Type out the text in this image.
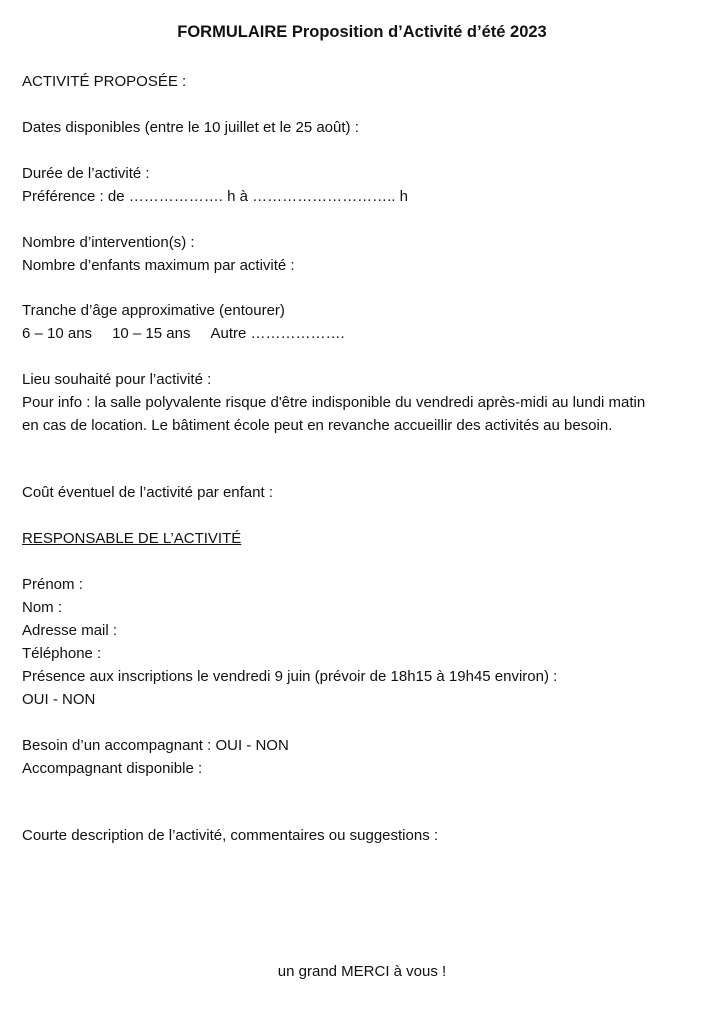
FORMULAIRE Proposition d’Activité d’été 2023
ACTIVITÉ PROPOSÉE :
Dates disponibles (entre le 10 juillet et le 25 août) :
Durée de l’activité :
Préférence : de ………………. h à ……………………….. h
Nombre d’intervention(s) :
Nombre d’enfants maximum par activité :
Tranche d’âge approximative (entourer)
6 – 10 ans 10 – 15 ans Autre ……………….
Lieu souhaité pour l’activité :
Pour info : la salle polyvalente risque d'être indisponible du vendredi après-midi au lundi matin
en cas de location. Le bâtiment école peut en revanche accueillir des activités au besoin.
Coût éventuel de l’activité par enfant :
RESPONSABLE DE L’ACTIVITÉ
Prénom :
Nom :
Adresse mail :
Téléphone :
Présence aux inscriptions le vendredi 9 juin (prévoir de 18h15 à 19h45 environ) :
OUI - NON
Besoin d’un accompagnant : OUI - NON
Accompagnant disponible :
Courte description de l’activité, commentaires ou suggestions :
un grand MERCI à vous !
